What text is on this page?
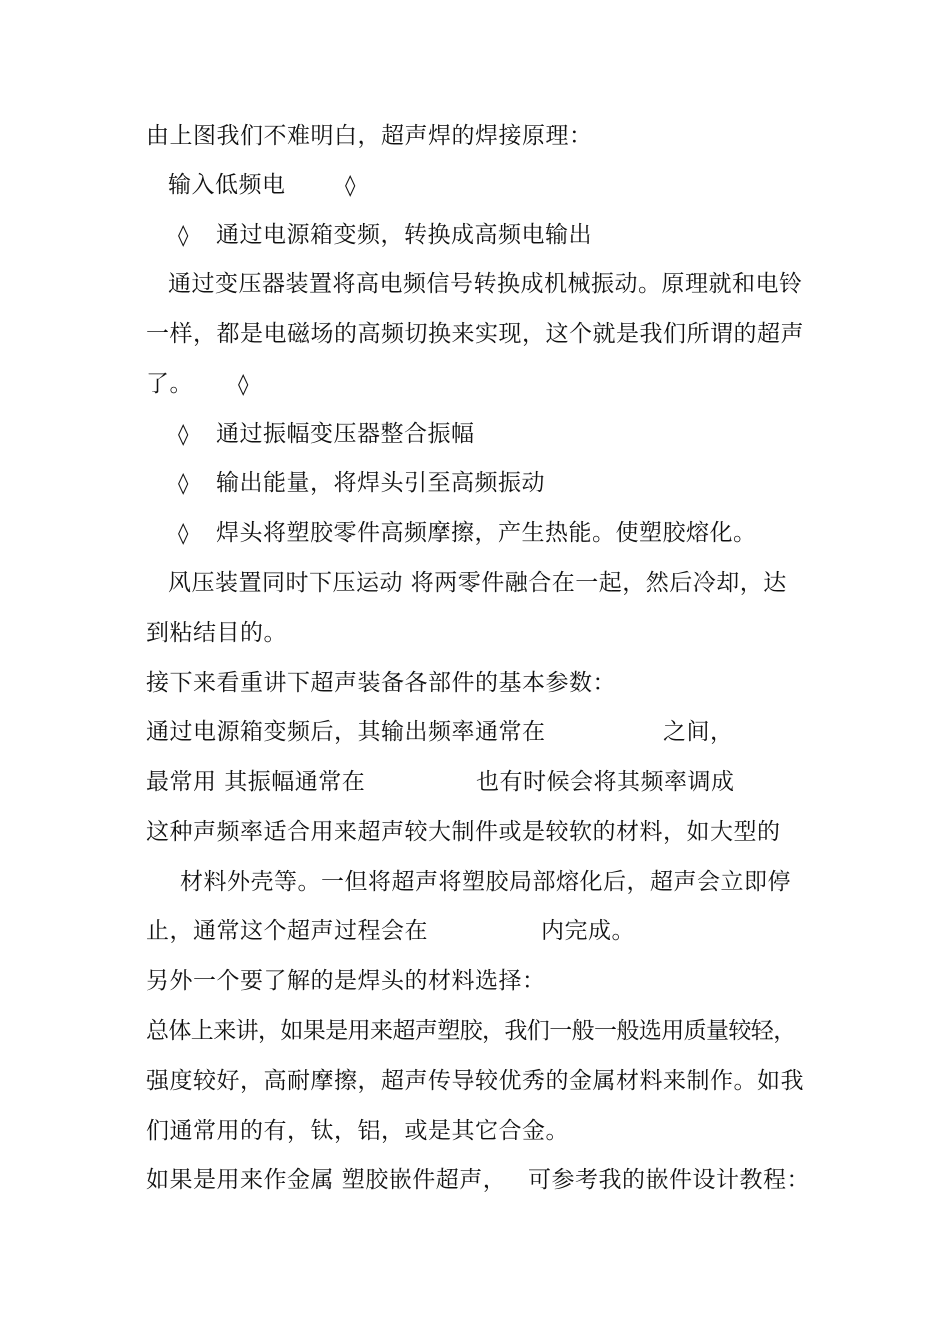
由上图我们不难明白，超声焊的焊接原理：

输入低频电

	◊

◊

通过电源箱变频，转换成高频电输出

通过变压器装置将高电频信号转换成机械振动。原理就和电铃

一样，都是电磁场的高频切换来实现，这个就是我们所谓的超声

了。

◊

◊

通过振幅变压器整合振幅

◊

输出能量，将焊头引至高频振动

◊

焊头将塑胶零件高频摩擦，产生热能。使塑胶熔化。

风压装置同时下压运动 将两零件融合在一起，然后冷却，达

到粘结目的。

接下来看重讲下超声装备各部件的基本参数：

通过电源箱变频后，其输出频率通常在

	之间，

最常用 其振幅通常在

	也有时候会将其频率调成

这种声频率适合用来超声较大制件或是较软的材料，如大型的

材料外壳等。一但将超声将塑胶局部熔化后，超声会立即停

止，通常这个超声过程会在

	内完成。

另外一个要了解的是焊头的材料选择：

总体上来讲，如果是用来超声塑胶，我们一般一般选用质量较轻，

强度较好，高耐摩擦，超声传导较优秀的金属材料来制作。如我

们通常用的有，钛，铝，或是其它合金。

如果是用来作金属 塑胶嵌件超声，

可参考我的嵌件设计教程：
